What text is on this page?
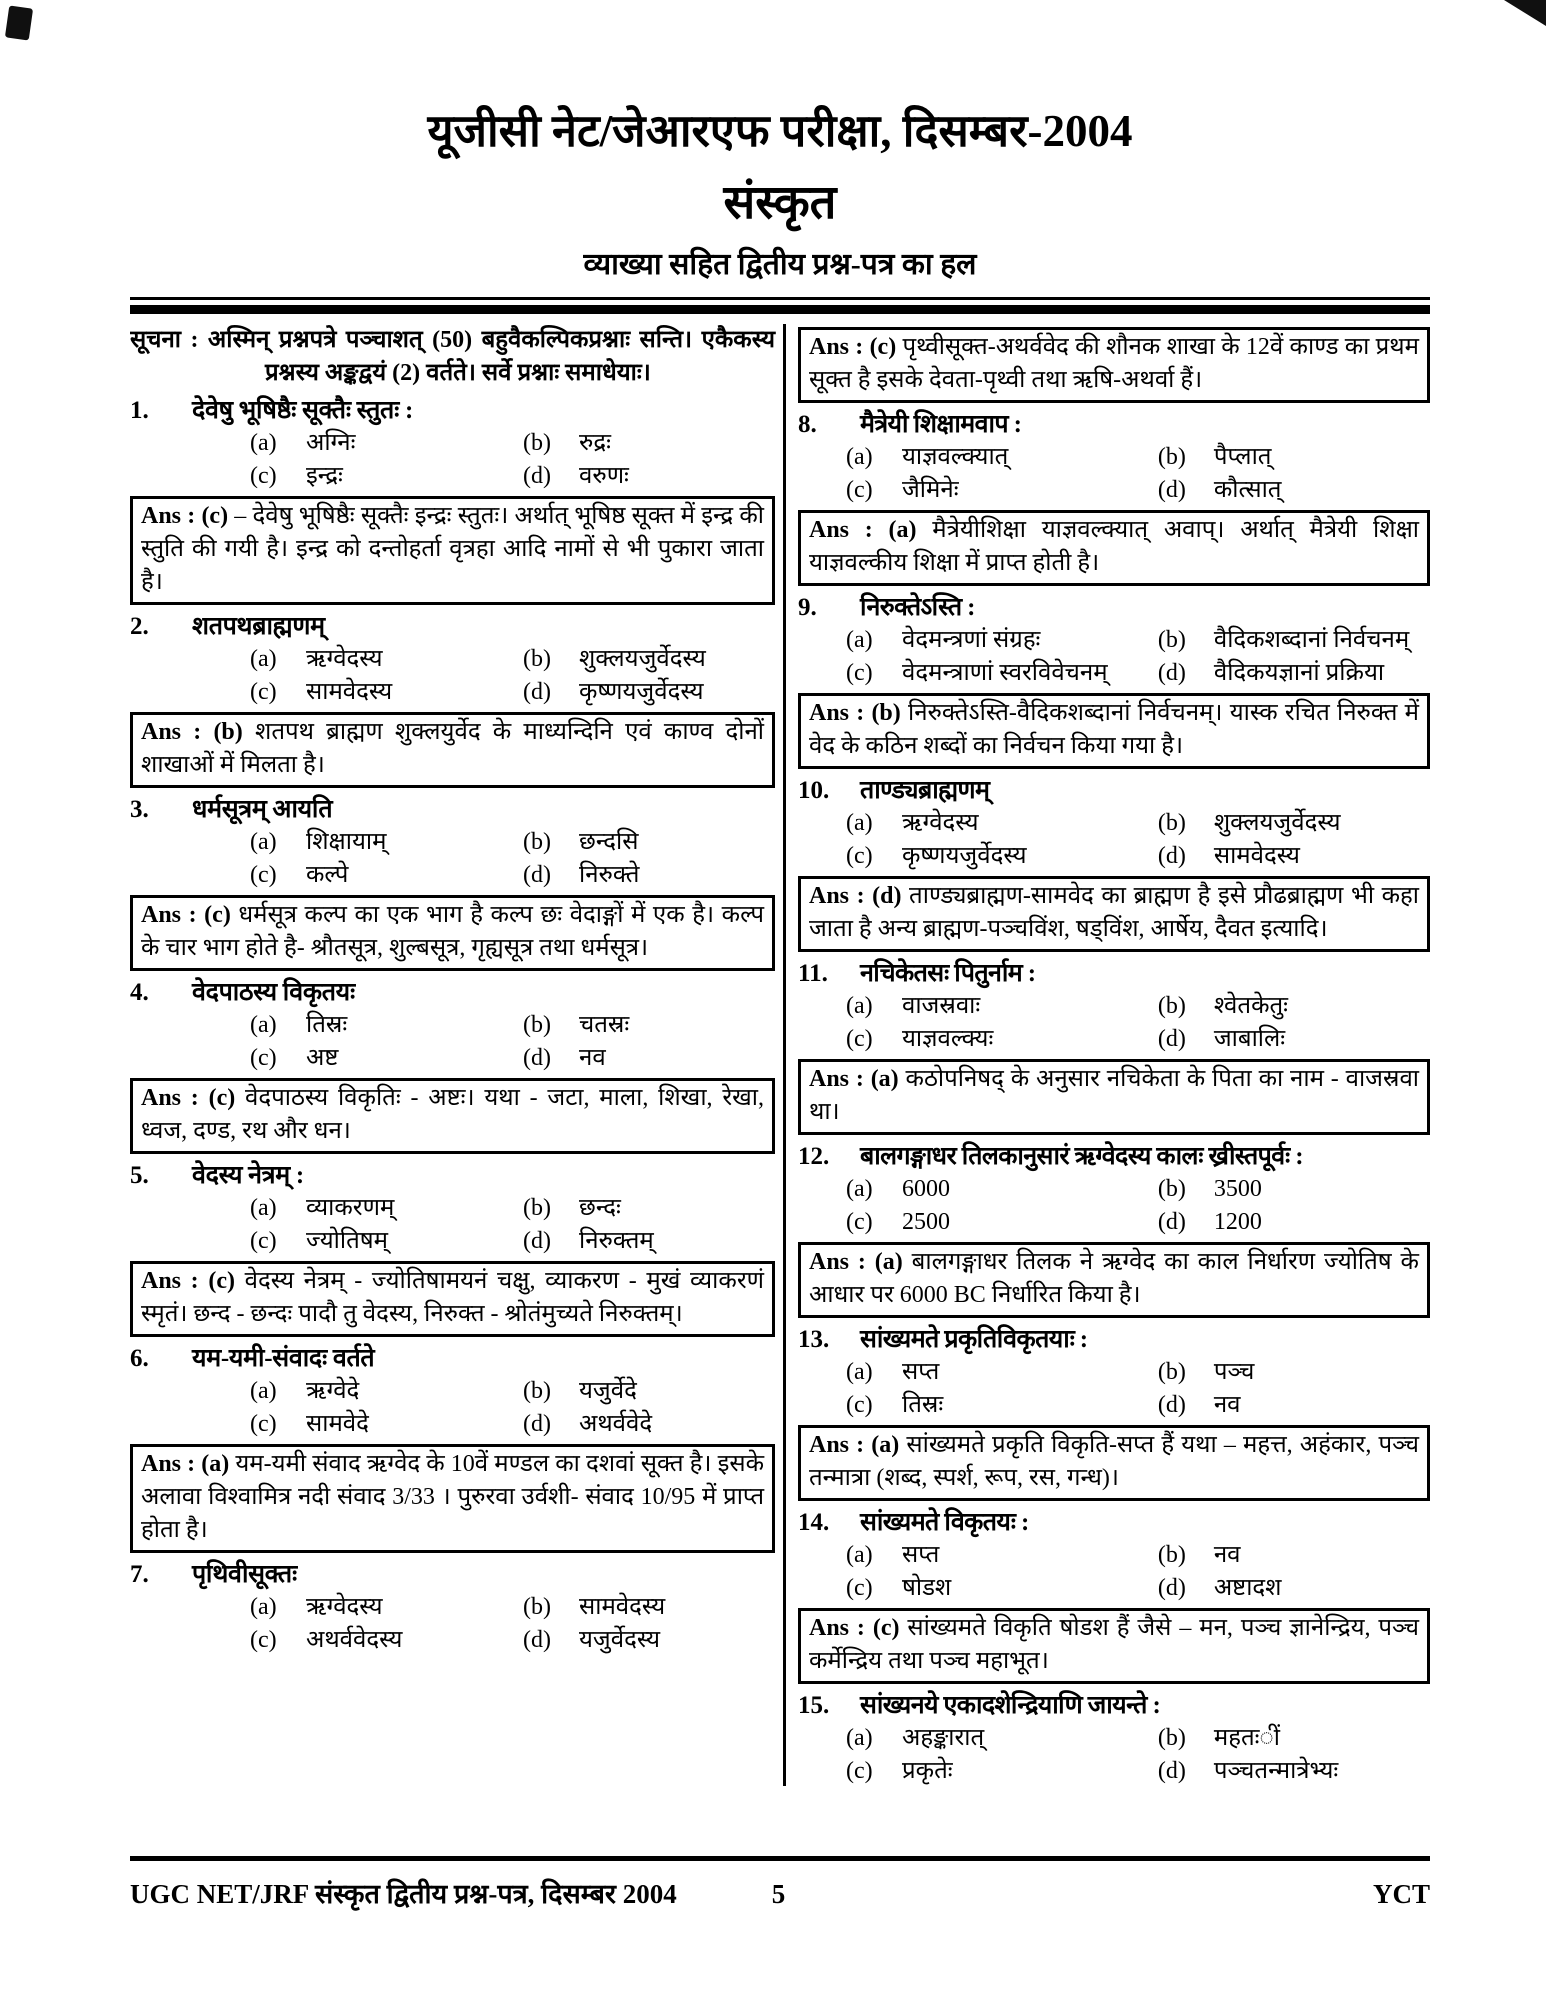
यूजीसी नेट/जेआरएफ परीक्षा, दिसम्बर-2004
संस्कृत
व्याख्या सहित द्वितीय प्रश्न-पत्र का हल
सूचना : अस्मिन् प्रश्नपत्रे पञ्चाशत् (50) बहुवैकल्पिकप्रश्नाः सन्ति। एकैकस्य प्रश्नस्य अङ्कद्वयं (2) वर्तते। सर्वे प्रश्नाः समाधेयाः।
1.	देवेषु भूषिष्ठैः सूक्तैः स्तुतः :
(a)	अग्निः	(b)	रुद्रः
(c)	इन्द्रः	(d)	वरुणः
Ans : (c) – देवेषु भूषिष्ठैः सूक्तैः इन्द्रः स्तुतः। अर्थात् भूषिष्ठ सूक्त में इन्द्र की स्तुति की गयी है। इन्द्र को दन्तोहर्ता वृत्रहा आदि नामों से भी पुकारा जाता है।
2.	शतपथब्राह्मणम्
(a)	ऋग्वेदस्य	(b)	शुक्लयजुर्वेदस्य
(c)	सामवेदस्य	(d)	कृष्णयजुर्वेदस्य
Ans : (b) शतपथ ब्राह्मण शुक्लयुर्वेद के माध्यन्दिनि एवं काण्व दोनों शाखाओं में मिलता है।
3.	धर्मसूत्रम् आयति
(a)	शिक्षायाम्	(b)	छन्दसि
(c)	कल्पे	(d)	निरुक्ते
Ans : (c) धर्मसूत्र कल्प का एक भाग है कल्प छः वेदाङ्गों में एक है। कल्प के चार भाग होते है- श्रौतसूत्र, शुल्बसूत्र, गृह्यसूत्र तथा धर्मसूत्र।
4.	वेदपाठस्य विकृतयः
(a)	तिस्रः	(b)	चतस्रः
(c)	अष्ट	(d)	नव
Ans : (c) वेदपाठस्य विकृतिः - अष्टः। यथा - जटा, माला, शिखा, रेखा, ध्वज, दण्ड, रथ और धन।
5.	वेदस्य नेत्रम् :
(a)	व्याकरणम्	(b)	छन्दः
(c)	ज्योतिषम्	(d)	निरुक्तम्
Ans : (c) वेदस्य नेत्रम् - ज्योतिषामयनं चक्षु, व्याकरण - मुखं व्याकरणं स्मृतं। छन्द - छन्दः पादौ तु वेदस्य, निरुक्त - श्रोतंमुच्यते निरुक्तम्।
6.	यम-यमी-संवादः वर्तते
(a)	ऋग्वेदे	(b)	यजुर्वेदे
(c)	सामवेदे	(d)	अथर्ववेदे
Ans : (a) यम-यमी संवाद ऋग्वेद के 10वें मण्डल का दशवां सूक्त है। इसके अलावा विश्वामित्र नदी संवाद 3/33 । पुरुरवा उर्वशी- संवाद 10/95 में प्राप्त होता है।
7.	पृथिवीसूक्तः
(a)	ऋग्वेदस्य	(b)	सामवेदस्य
(c)	अथर्ववेदस्य	(d)	यजुर्वेदस्य
Ans : (c) पृथ्वीसूक्त-अथर्ववेद की शौनक शाखा के 12वें काण्ड का प्रथम सूक्त है इसके देवता-पृथ्वी तथा ऋषि-अथर्वा हैं।
8.	मैत्रेयी शिक्षामवाप :
(a)	याज्ञवल्क्यात्	(b)	पैप्लात्
(c)	जैमिनेः	(d)	कौत्सात्
Ans : (a) मैत्रेयीशिक्षा याज्ञवल्क्यात् अवाप्। अर्थात् मैत्रेयी शिक्षा याज्ञवल्कीय शिक्षा में प्राप्त होती है।
9.	निरुक्तेऽस्ति :
(a)	वेदमन्त्रणां संग्रहः	(b)	वैदिकशब्दानां निर्वचनम्
(c)	वेदमन्त्राणां स्वरविवेचनम्	(d)	वैदिकयज्ञानां प्रक्रिया
Ans : (b) निरुक्तेऽस्ति-वैदिकशब्दानां निर्वचनम्। यास्क रचित निरुक्त में वेद के कठिन शब्दों का निर्वचन किया गया है।
10.	ताण्ड्यब्राह्मणम्
(a)	ऋग्वेदस्य	(b)	शुक्लयजुर्वेदस्य
(c)	कृष्णयजुर्वेदस्य	(d)	सामवेदस्य
Ans : (d) ताण्ड्यब्राह्मण-सामवेद का ब्राह्मण है इसे प्रौढब्राह्मण भी कहा जाता है अन्य ब्राह्मण-पञ्चविंश, षड्विंश, आर्षेय, दैवत इत्यादि।
11.	नचिकेतसः पितुर्नाम :
(a)	वाजस्रवाः	(b)	श्वेतकेतुः
(c)	याज्ञवल्क्यः	(d)	जाबालिः
Ans : (a) कठोपनिषद् के अनुसार नचिकेता के पिता का नाम - वाजस्रवा था।
12.	बालगङ्गाधर तिलकानुसारं ऋग्वेदस्य कालः ख्रीस्तपूर्वः :
(a)	6000	(b)	3500
(c)	2500	(d)	1200
Ans : (a) बालगङ्गाधर तिलक ने ऋग्वेद का काल निर्धारण ज्योतिष के आधार पर 6000 BC निर्धारित किया है।
13.	सांख्यमते प्रकृतिविकृतयाः :
(a)	सप्त	(b)	पञ्च
(c)	तिस्रः	(d)	नव
Ans : (a) सांख्यमते प्रकृति विकृति-सप्त हैं यथा – महत्त, अहंकार, पञ्च तन्मात्रा (शब्द, स्पर्श, रूप, रस, गन्ध)।
14.	सांख्यमते विकृतयः :
(a)	सप्त	(b)	नव
(c)	षोडश	(d)	अष्टादश
Ans : (c) सांख्यमते विकृति षोडश हैं जैसे – मन, पञ्च ज्ञानेन्द्रिय, पञ्च कर्मेन्द्रिय तथा पञ्च महाभूत।
15.	सांख्यनये एकादशेन्द्रियाणि जायन्ते :
(a)	अहङ्कारात्	(b)	महतःीं
(c)	प्रकृतेः	(d)	पञ्चतन्मात्रेभ्यः
UGC NET/JRF संस्कृत द्वितीय प्रश्न-पत्र, दिसम्बर 2004	5	YCT
